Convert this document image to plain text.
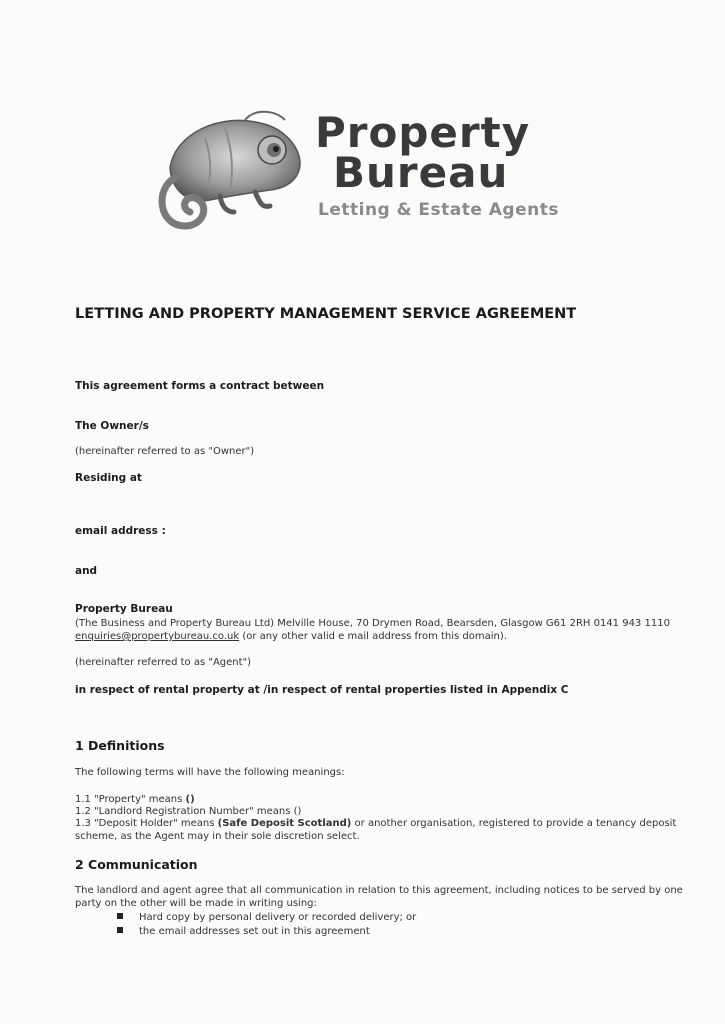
Property
Bureau
Letting & Estate Agents
LETTING AND PROPERTY MANAGEMENT SERVICE AGREEMENT
This agreement forms a contract between
The Owner/s
(hereinafter referred to as "Owner")
Residing at
email address :
and
Property Bureau
(The Business and Property Bureau Ltd) Melville House, 70 Drymen Road, Bearsden, Glasgow G61 2RH 0141 943 1110
enquiries@propertybureau.co.uk (or any other valid e mail address from this domain).
(hereinafter referred to as "Agent")
in respect of rental property at /in respect of rental properties listed in Appendix C
1 Definitions
The following terms will have the following meanings:
1.1 "Property" means ()
1.2 "Landlord Registration Number" means ()
1.3 "Deposit Holder" means (Safe Deposit Scotland) or another organisation, registered to provide a tenancy deposit
scheme, as the Agent may in their sole discretion select.
2 Communication
The landlord and agent agree that all communication in relation to this agreement, including notices to be served by one
party on the other will be made in writing using:
Hard copy by personal delivery or recorded delivery; or
the email addresses set out in this agreement
